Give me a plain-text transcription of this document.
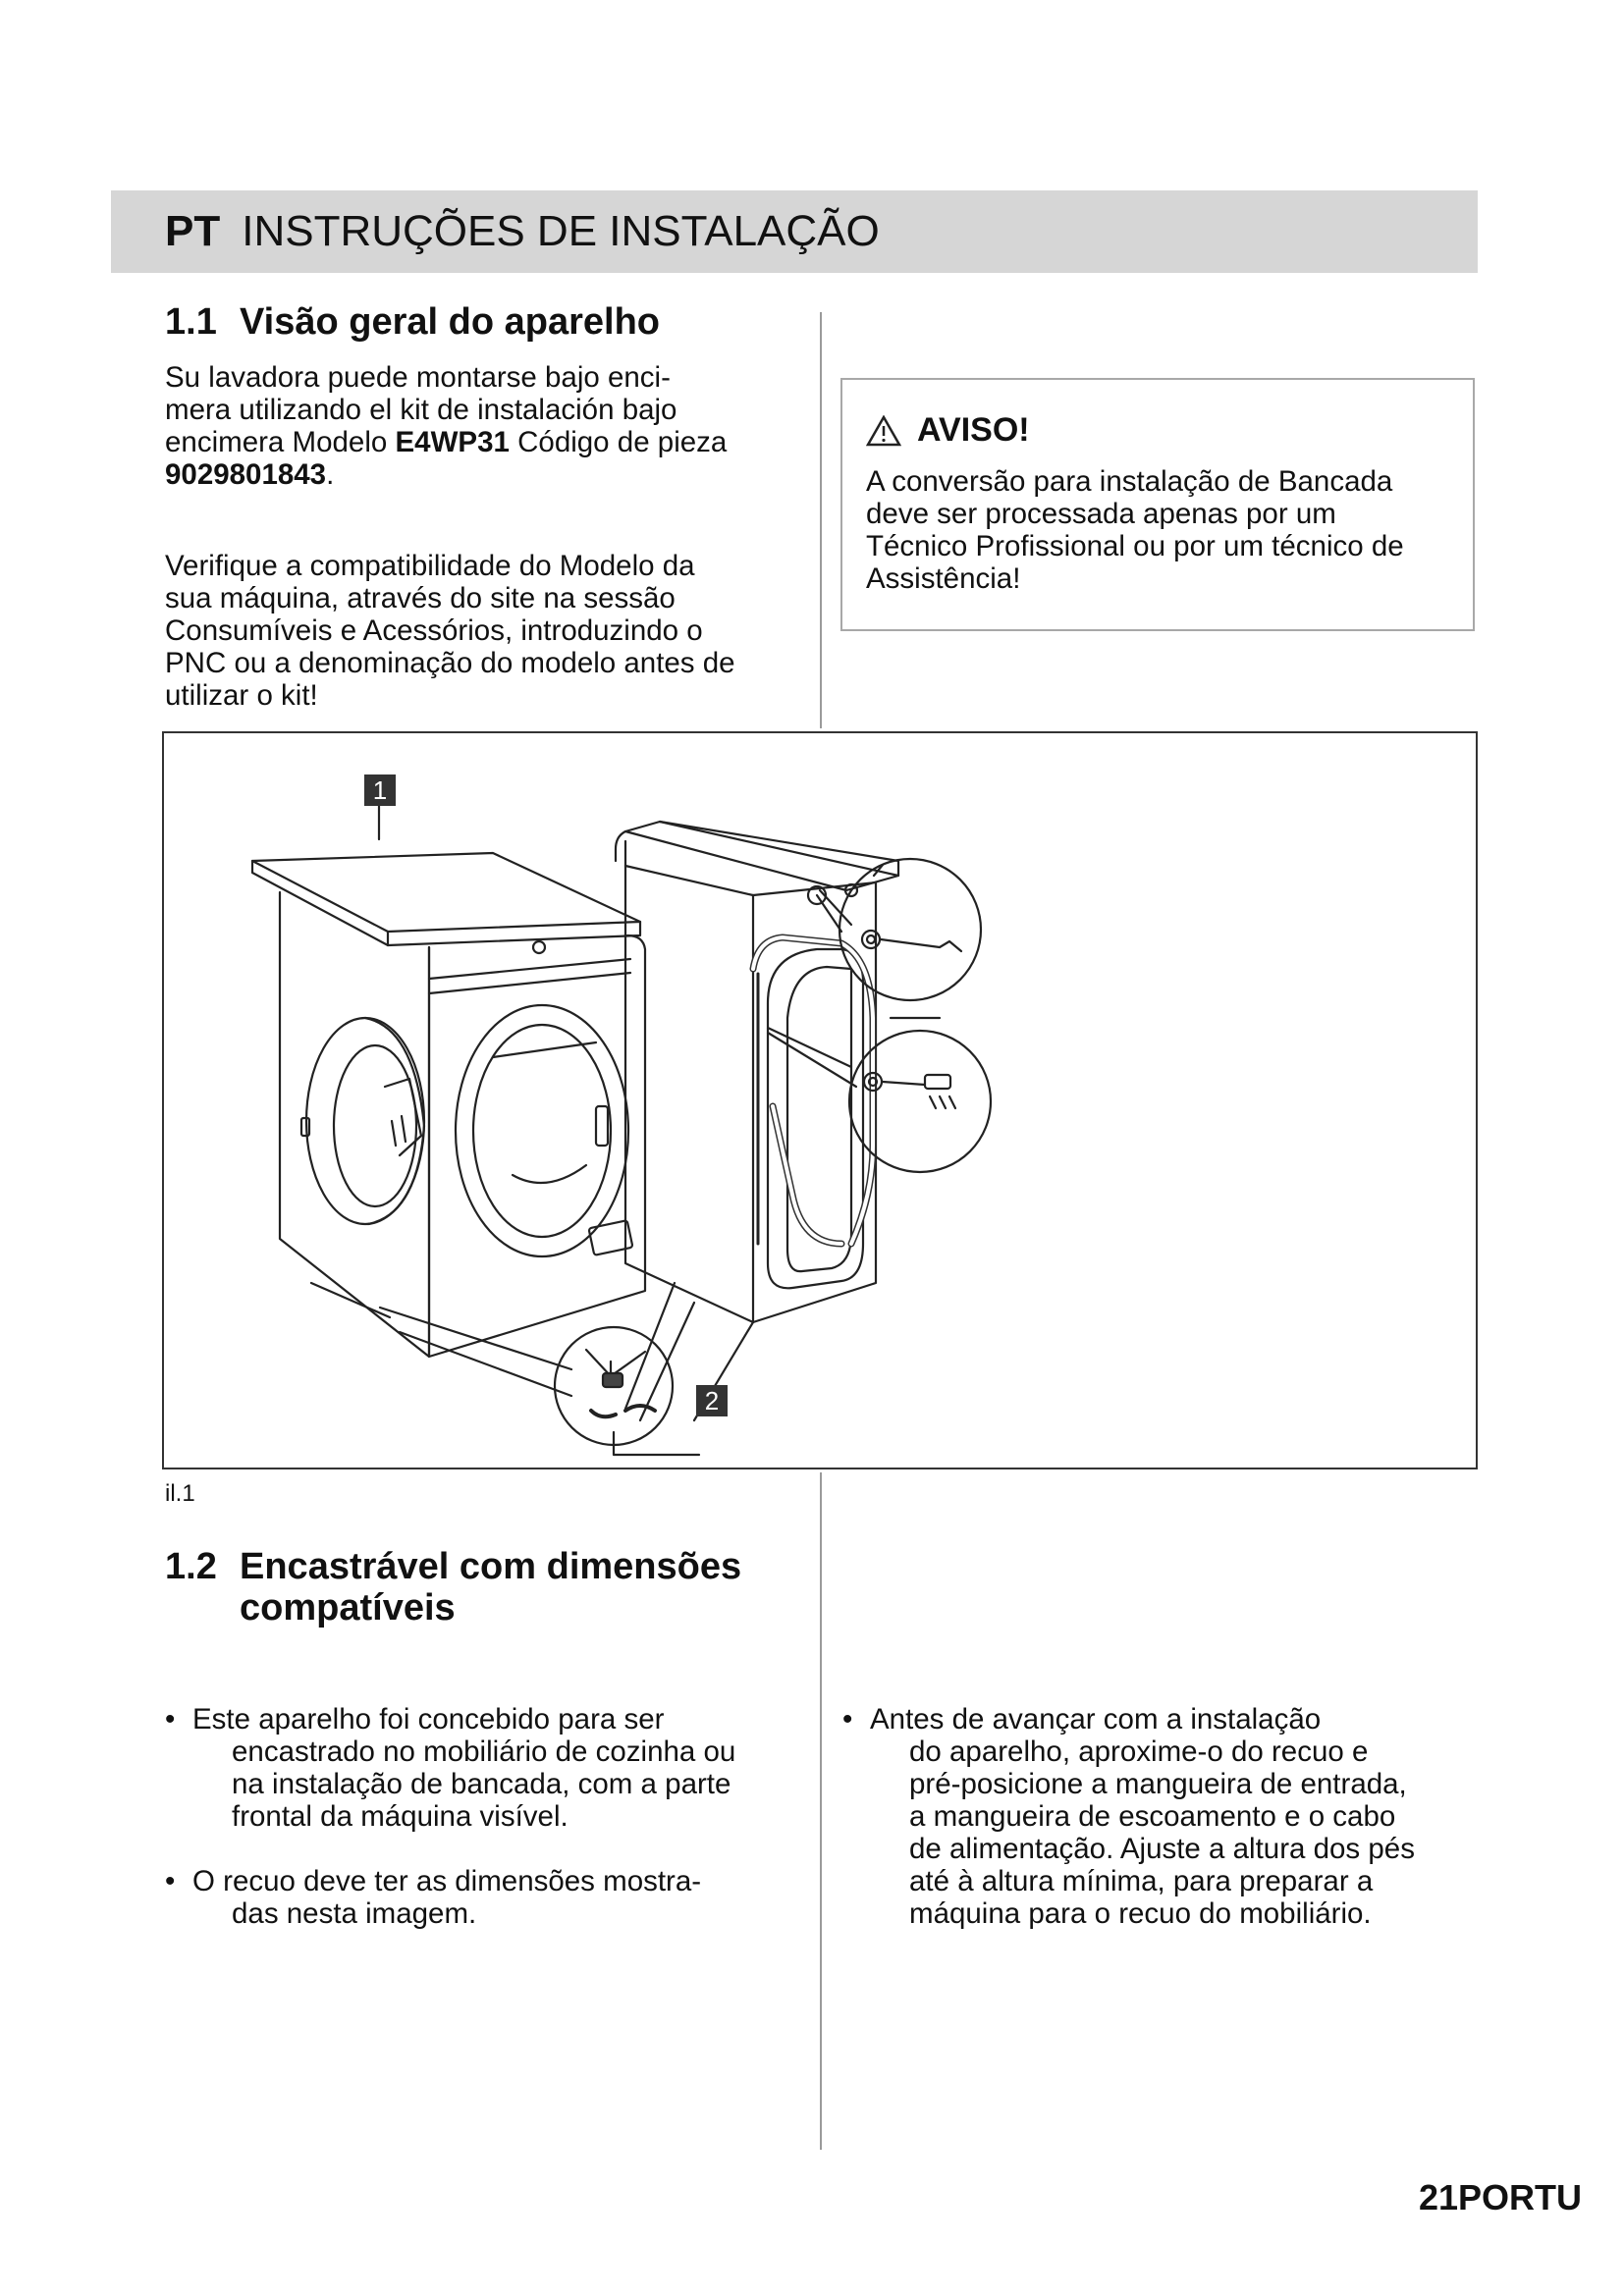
PT INSTRUÇÕES DE INSTALAÇÃO
1.1 Visão geral do aparelho
Su lavadora puede montarse bajo enci-
mera utilizando el kit de instalación bajo
encimera Modelo E4WP31 Código de pieza
9029801843.
Verifique a compatibilidade do Modelo da
sua máquina, através do site na sessão
Consumíveis e Acessórios, introduzindo o
PNC ou a denominação do modelo antes de
utilizar o kit!
AVISO!
A conversão para instalação de Bancada
deve ser processada apenas por um
Técnico Profissional ou por um técnico de
Assistência!
1
2
il.1
1.2 Encastrável com dimensões
compatíveis
• Este aparelho foi concebido para ser
encastrado no mobiliário de cozinha ou
na instalação de bancada, com a parte
frontal da máquina visível.
• O recuo deve ter as dimensões mostra-
das nesta imagem.
• Antes de avançar com a instalação
do aparelho, aproxime-o do recuo e
pré-posicione a mangueira de entrada,
a mangueira de escoamento e o cabo
de alimentação. Ajuste a altura dos pés
até à altura mínima, para preparar a
máquina para o recuo do mobiliário.
21PORTU
